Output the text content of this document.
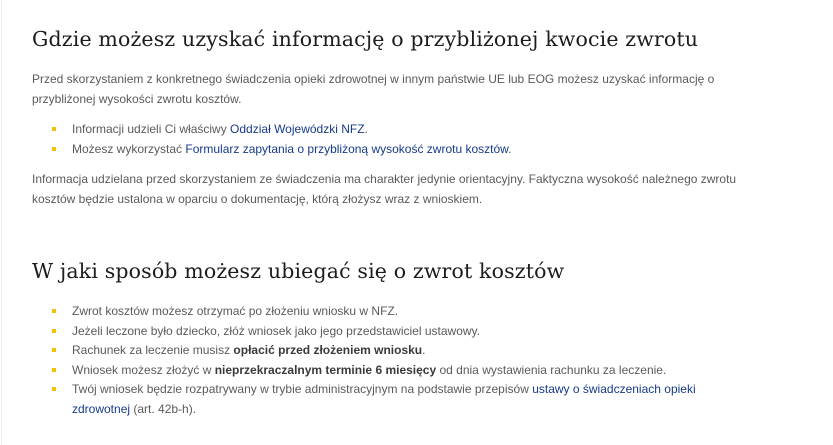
Gdzie możesz uzyskać informację o przybliżonej kwocie zwrotu

Przed skorzystaniem z konkretnego świadczenia opieki zdrowotnej w innym państwie UE lub EOG możesz uzyskać informację o przybliżonej wysokości zwrotu kosztów.

Informacji udzieli Ci właściwy Oddział Wojewódzki NFZ.
Możesz wykorzystać Formularz zapytania o przybliżoną wysokość zwrotu kosztów.

Informacja udzielana przed skorzystaniem ze świadczenia ma charakter jedynie orientacyjny. Faktyczna wysokość należnego zwrotu kosztów będzie ustalona w oparciu o dokumentację, którą złożysz wraz z wnioskiem.

W jaki sposób możesz ubiegać się o zwrot kosztów
Zwrot kosztów możesz otrzymać po złożeniu wniosku w NFZ.
Jeżeli leczone było dziecko, złóż wniosek jako jego przedstawiciel ustawowy.
Rachunek za leczenie musisz opłacić przed złożeniem wniosku.
Wniosek możesz złożyć w nieprzekraczalnym terminie 6 miesięcy od dnia wystawienia rachunku za leczenie.
Twój wniosek będzie rozpatrywany w trybie administracyjnym na podstawie przepisów ustawy o świadczeniach opieki zdrowotnej (art. 42b-h).
